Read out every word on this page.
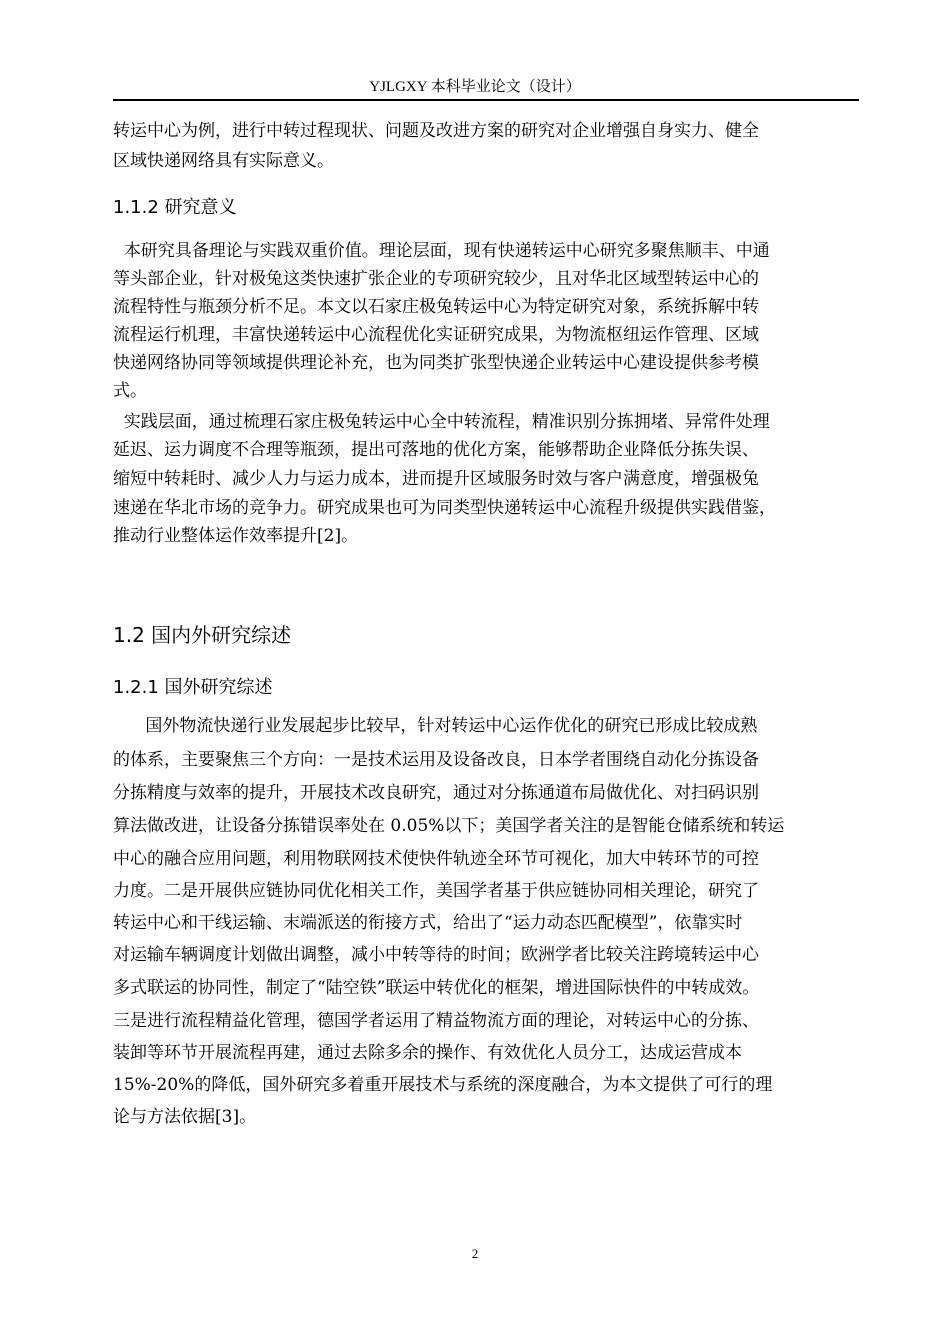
YJLGXY 本科毕业论文（设计）
转运中心为例，进行中转过程现状、问题及改进方案的研究对企业增强自身实力、健全
区域快递网络具有实际意义。
1.1.2 研究意义
本研究具备理论与实践双重价值。理论层面，现有快递转运中心研究多聚焦顺丰、中通
等头部企业，针对极兔这类快速扩张企业的专项研究较少，且对华北区域型转运中心的
流程特性与瓶颈分析不足。本文以石家庄极兔转运中心为特定研究对象，系统拆解中转
流程运行机理，丰富快递转运中心流程优化实证研究成果，为物流枢纽运作管理、区域
快递网络协同等领域提供理论补充，也为同类扩张型快递企业转运中心建设提供参考模
式。
实践层面，通过梳理石家庄极兔转运中心全中转流程，精准识别分拣拥堵、异常件处理
延迟、运力调度不合理等瓶颈，提出可落地的优化方案，能够帮助企业降低分拣失误、
缩短中转耗时、减少人力与运力成本，进而提升区域服务时效与客户满意度，增强极兔
速递在华北市场的竞争力。研究成果也可为同类型快递转运中心流程升级提供实践借鉴，
推动行业整体运作效率提升[2]。
1.2 国内外研究综述
1.2.1 国外研究综述
国外物流快递行业发展起步比较早，针对转运中心运作优化的研究已形成比较成熟
的体系，主要聚焦三个方向：一是技术运用及设备改良，日本学者围绕自动化分拣设备
分拣精度与效率的提升，开展技术改良研究，通过对分拣通道布局做优化、对扫码识别
算法做改进，让设备分拣错误率处在 0.05%以下；美国学者关注的是智能仓储系统和转运
中心的融合应用问题，利用物联网技术使快件轨迹全环节可视化，加大中转环节的可控
力度。二是开展供应链协同优化相关工作，美国学者基于供应链协同相关理论，研究了
转运中心和干线运输、末端派送的衔接方式，给出了“运力动态匹配模型”，依靠实时
对运输车辆调度计划做出调整，减小中转等待的时间；欧洲学者比较关注跨境转运中心
多式联运的协同性，制定了“陆空铁”联运中转优化的框架，增进国际快件的中转成效。
三是进行流程精益化管理，德国学者运用了精益物流方面的理论，对转运中心的分拣、
装卸等环节开展流程再建，通过去除多余的操作、有效优化人员分工，达成运营成本
15%-20%的降低，国外研究多着重开展技术与系统的深度融合，为本文提供了可行的理
论与方法依据[3]。
2
